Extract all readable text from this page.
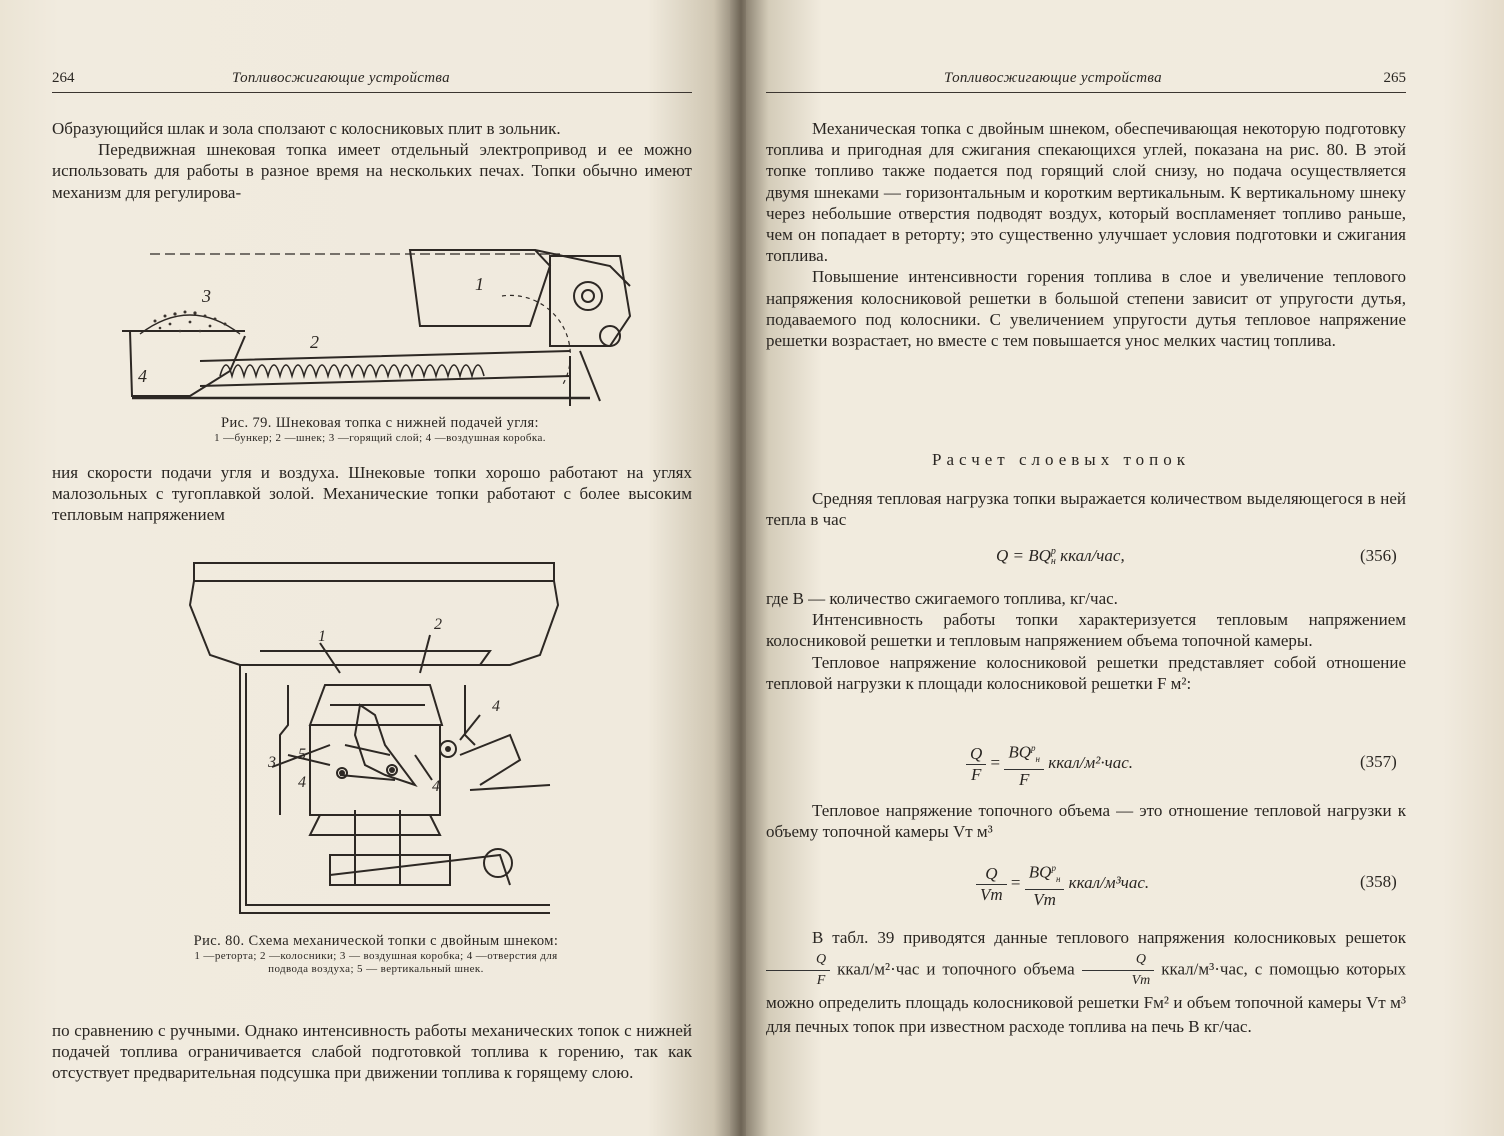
264	Топливосжигающие устройства

Образующийся шлак и зола сползают с колосниковых плит в зольник.

Передвижная шнековая топка имеет отдельный электропривод и ее можно использовать для работы в разное время на нескольких печах. Топки обычно имеют механизм для регулирова-

1
2
3
4
Рис. 79. Шнековая топка с нижней подачей угля:
1 —бункер; 2 —шнек; 3 —горящий слой; 4 —воздушная коробка.

ния скорости подачи угля и воздуха. Шнековые топки хорошо работают на углях малозольных с тугоплавкой золой. Механические топки работают с более высоким тепловым напряжением

1
2
3 5
4	4
4
Рис. 80. Схема механической топки с двойным шнеком:
1 —реторта; 2 —колосники; 3 — воздушная коробка; 4 —отверстия для подвода воздуха; 5 — вертикальный шнек.

по сравнению с ручными. Однако интенсивность работы механических топок с нижней подачей топлива ограничивается слабой подготовкой топлива к горению, так как отсуствует предварительная подсушка при движении топлива к горящему слою.

Топливосжигающие устройства	265

Механическая топка с двойным шнеком, обеспечивающая некоторую подготовку топлива и пригодная для сжигания спекающихся углей, показана на рис. 80. В этой топке топливо также подается под горящий слой снизу, но подача осуществляется двумя шнеками — горизонтальным и коротким вертикальным. К вертикальному шнеку через небольшие отверстия подводят воздух, который воспламеняет топливо раньше, чем он попадает в реторту; это существенно улучшает условия подготовки и сжигания топлива.

Повышение интенсивности горения топлива в слое и увеличение теплового напряжения колосниковой решетки в большой степени зависит от упругости дутья, подаваемого под колосники. С увеличением упругости дутья тепловое напряжение решетки возрастает, но вместе с тем повышается унос мелких частиц топлива.

Расчет слоевых топок

Средняя тепловая нагрузка топки выражается количеством выделяющегося в ней тепла в час

Q = BQ р
н ккал/час,	(356)

где B — количество сжигаемого топлива, кг/час.

Интенсивность работы топки характеризуется тепловым напряжением колосниковой решетки и тепловым напряжением объема топочной камеры.

Тепловое напряжение колосниковой решетки представляет собой отношение тепловой нагрузки к площади колосниковой решетки F м²:

$\frac{Q}{F} = \frac{BQ^р_н}{F}$ ккал/м²·час.	(357)

Тепловое напряжение топочного объема — это отношение тепловой нагрузки к объему топочной камеры Vт м³

$\frac{Q}{Vт} = \frac{BQ^р_н}{Vт}$ ккал/м³час.	(358)

В табл. 39 приводятся данные теплового напряжения колосниковых решеток
$\frac{Q}{F}$ ккал/м²·час и топочного объема $\frac{Q}{Vт}$ ккал/м³·час, с помощью которых можно определить площадь колосниковой решетки Fм² и объем топочной камеры Vт м³ для печных топок при известном расходе топлива на печь B кг/час.
